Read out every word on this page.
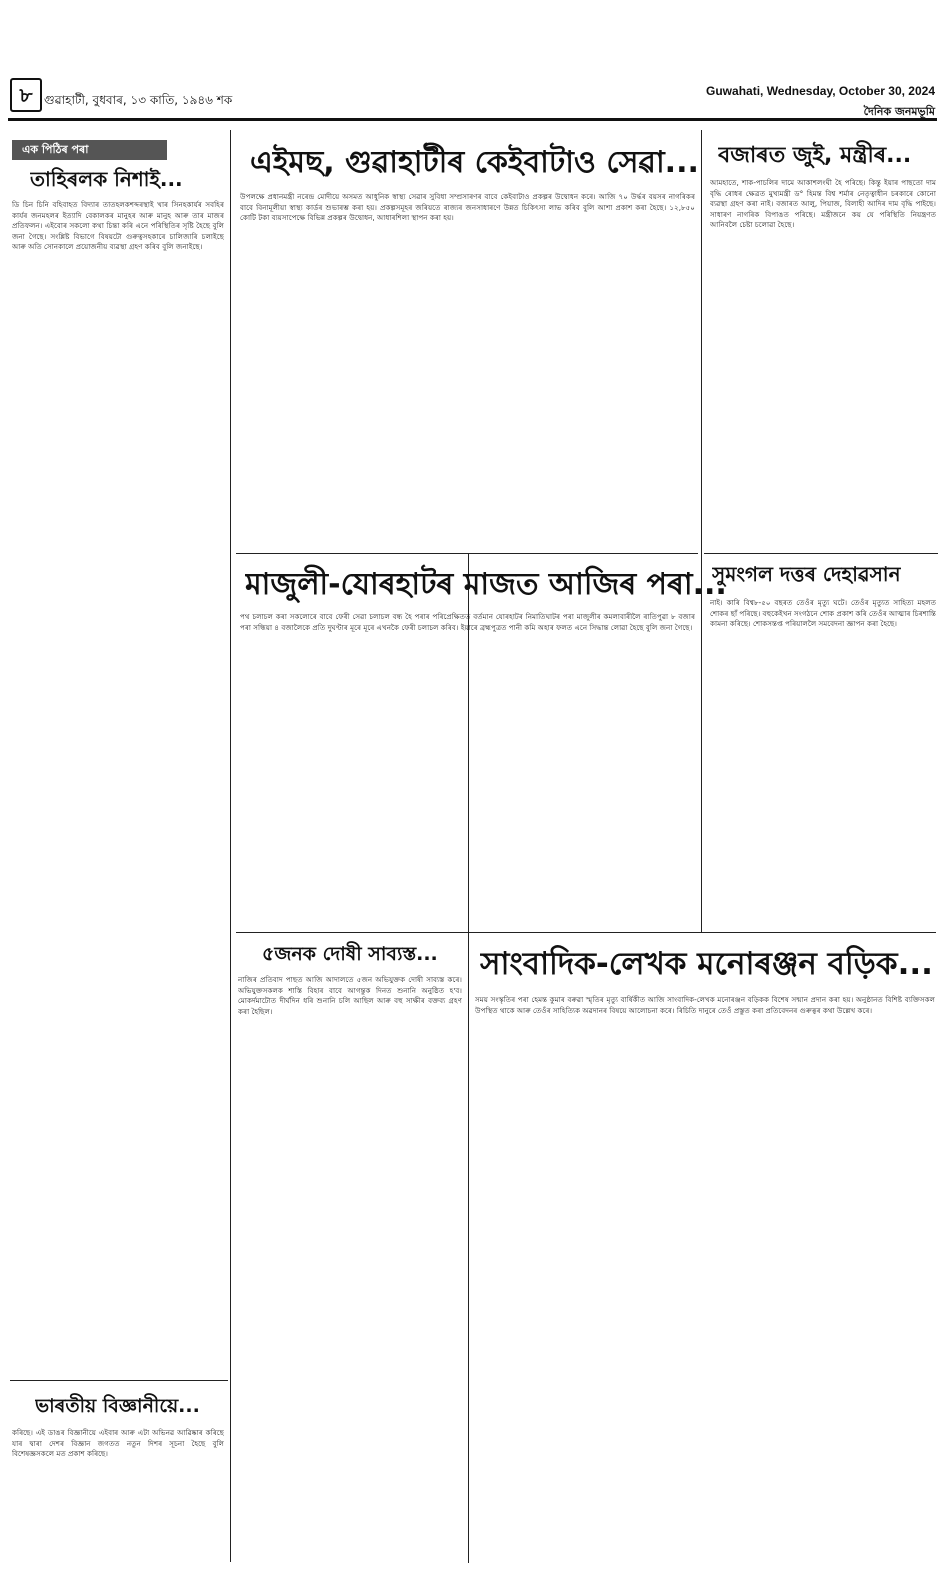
৮ গুৱাহাটী, বুধবাৰ, ১৩ কাতি, ১৯৪৬ শক
Guwahati, Wednesday, October 30, 2024
দৈনিক জনমভূমি
এক পিঠিৰ পৰা
তাহিৰলক নিশাই...
ডি চিন চিনি বহিবাহত বিদ্যাৰ তাতহলকশব্দৰস্থাই খাৰ সিনহকাৰ্যৰ সবহিৰ কাৰ্যৰ জনমহলৰ ইত্যাদি বেকালকৰ মানুহৰ আৰু মানুহ আৰু তাৰ মাজৰ প্ৰতিফলন। এইবোৰ সকলো কথা চিন্তা কৰি এনে পৰিস্থিতিৰ সৃষ্টি হৈছে বুলি জনা গৈছে। সংশ্লিষ্ট বিভাগে বিষয়টো গুৰুত্বসহকাৰে চালিজাৰি চলাইছে আৰু অতি সোনকালে প্ৰয়োজনীয় ব্যৱস্থা গ্ৰহণ কৰিব বুলি জনাইছে।
ভাৰতীয় বিজ্ঞানীয়ে...
কৰিছে। এই ডাঙৰ বিজ্ঞানীয়ে এইবাৰ আৰু এটা অভিনৱ আৱিষ্কাৰ কৰিছে যাৰ দ্বাৰা দেশৰ বিজ্ঞান জগতত নতুন দিশৰ সূচনা হৈছে বুলি বিশেষজ্ঞসকলে মত প্ৰকাশ কৰিছে।
এইমছ, গুৱাহাটীৰ কেইবাটাও সেৱা...
উপলক্ষে প্ৰধানমন্ত্ৰী নৰেন্দ্ৰ মোদীয়ে অসমত আধুনিক স্বাস্থ্য সেৱাৰ সুবিধা সম্প্ৰসাৰণৰ বাবে কেইবাটাও প্ৰকল্পৰ উদ্বোধন কৰে। আজি ৭০ উৰ্দ্ধৰ বয়সৰ নাগৰিকৰ বাবে বিনামূলীয়া স্বাস্থ্য কাৰ্ডৰ শুভাৰম্ভ কৰা হয়। প্ৰকল্পসমূহৰ জৰিয়তে ৰাজ্যৰ জনসাধাৰণে উন্নত চিকিৎসা লাভ কৰিব বুলি আশা প্ৰকাশ কৰা হৈছে। ১২,৮৫০ কোটি টকা ব্যয়সাপেক্ষে বিভিন্ন প্ৰকল্পৰ উদ্বোধন, আধাৰশিলা স্থাপন কৰা হয়।
বজাৰত জুই, মন্ত্ৰীৰ...
আমহাতে, শাক-পাচলিৰ দামে আকাশলংঘী হৈ পৰিছে। কিন্তু ইয়াৰ পাছতো দাম বৃদ্ধি ৰোধৰ ক্ষেত্ৰত মুখ্যমন্ত্ৰী ড° হিমন্ত বিশ্ব শৰ্মাৰ নেতৃত্বাধীন চৰকাৰে কোনো ব্যৱস্থা গ্ৰহণ কৰা নাই। বজাৰত আলু, পিয়াজ, বিলাহী আদিৰ দাম বৃদ্ধি পাইছে। সাধাৰণ নাগৰিক বিপাঙত পৰিছে। মন্ত্ৰীজনে কয় যে পৰিস্থিতি নিয়ন্ত্ৰণত আনিবলৈ চেষ্টা চলোৱা হৈছে।
মাজুলী-যোৰহাটৰ মাজত আজিৰ পৰা...
পথ চলাচল কৰা সকলোৰে বাবে ফেৰী সেৱা চলাচল বন্ধ হৈ পৰাৰ পৰিপ্ৰেক্ষিতত বৰ্তমান যোৰহাটৰ নিমাতিঘাটৰ পৰা মাজুলীৰ কমলাবাৰীলৈ ৰাতিপুৱা ৮ বজাৰ পৰা সন্ধিয়া ৪ বজালৈকে প্ৰতি দুঘণ্টাৰ মূৰে মূৰে এখনকৈ ফেৰী চলাচল কৰিব। ইয়াৰে ব্ৰহ্মপুত্ৰত পানী কমি অহাৰ ফলত এনে সিদ্ধান্ত লোৱা হৈছে বুলি জনা গৈছে।
সুমংগল দত্তৰ দেহাৱসান
নাই। কাৰি বিশ্ব৮-৫০ বছৰত তেওঁৰ মৃত্যু ঘটে। তেওঁৰ মৃত্যুত সাহিত্য মহলত শোকৰ ছাঁ পৰিছে। বহুকেইখন সংগঠনে শোক প্ৰকাশ কৰি তেওঁৰ আত্মাৰ চিৰশান্তি কামনা কৰিছে। শোকসন্তপ্ত পৰিয়াললৈ সমবেদনা জ্ঞাপন কৰা হৈছে।
৫জনক দোষী সাব্যস্ত...
নাজিৰ প্ৰতিবাদ পাছত আজি আদালতে ৫জন অভিযুক্তক দোষী সাব্যস্ত কৰে। অভিযুক্তসকলক শাস্তি বিহাৰ বাবে আগন্তুক দিনত শুনানি অনুষ্ঠিত হ'ব। মোকৰ্দমাটোত দীৰ্ঘদিন ধৰি শুনানি চলি আছিল আৰু বহু সাক্ষীৰ বক্তব্য গ্ৰহণ কৰা হৈছিল।
সাংবাদিক-লেখক মনোৰঞ্জন বড়িক...
সময় সংস্কৃতিৰ পৰা হেমন্ত কুমাৰ বৰুৱা স্মৃতিৰ মৃত্যু বাৰ্ষিকীত আজি সাংবাদিক-লেখক মনোৰঞ্জন বড়িকক বিশেষ সন্মান প্ৰদান কৰা হয়। অনুষ্ঠানত বিশিষ্ট ব্যক্তিসকল উপস্থিত থাকে আৰু তেওঁৰ সাহিত্যিক অৱদানৰ বিষয়ে আলোচনা কৰে। ৰিচিতি দানুৰে তেওঁ প্ৰস্তুত কৰা প্ৰতিবেদনৰ গুৰুত্বৰ কথা উল্লেখ কৰে।
